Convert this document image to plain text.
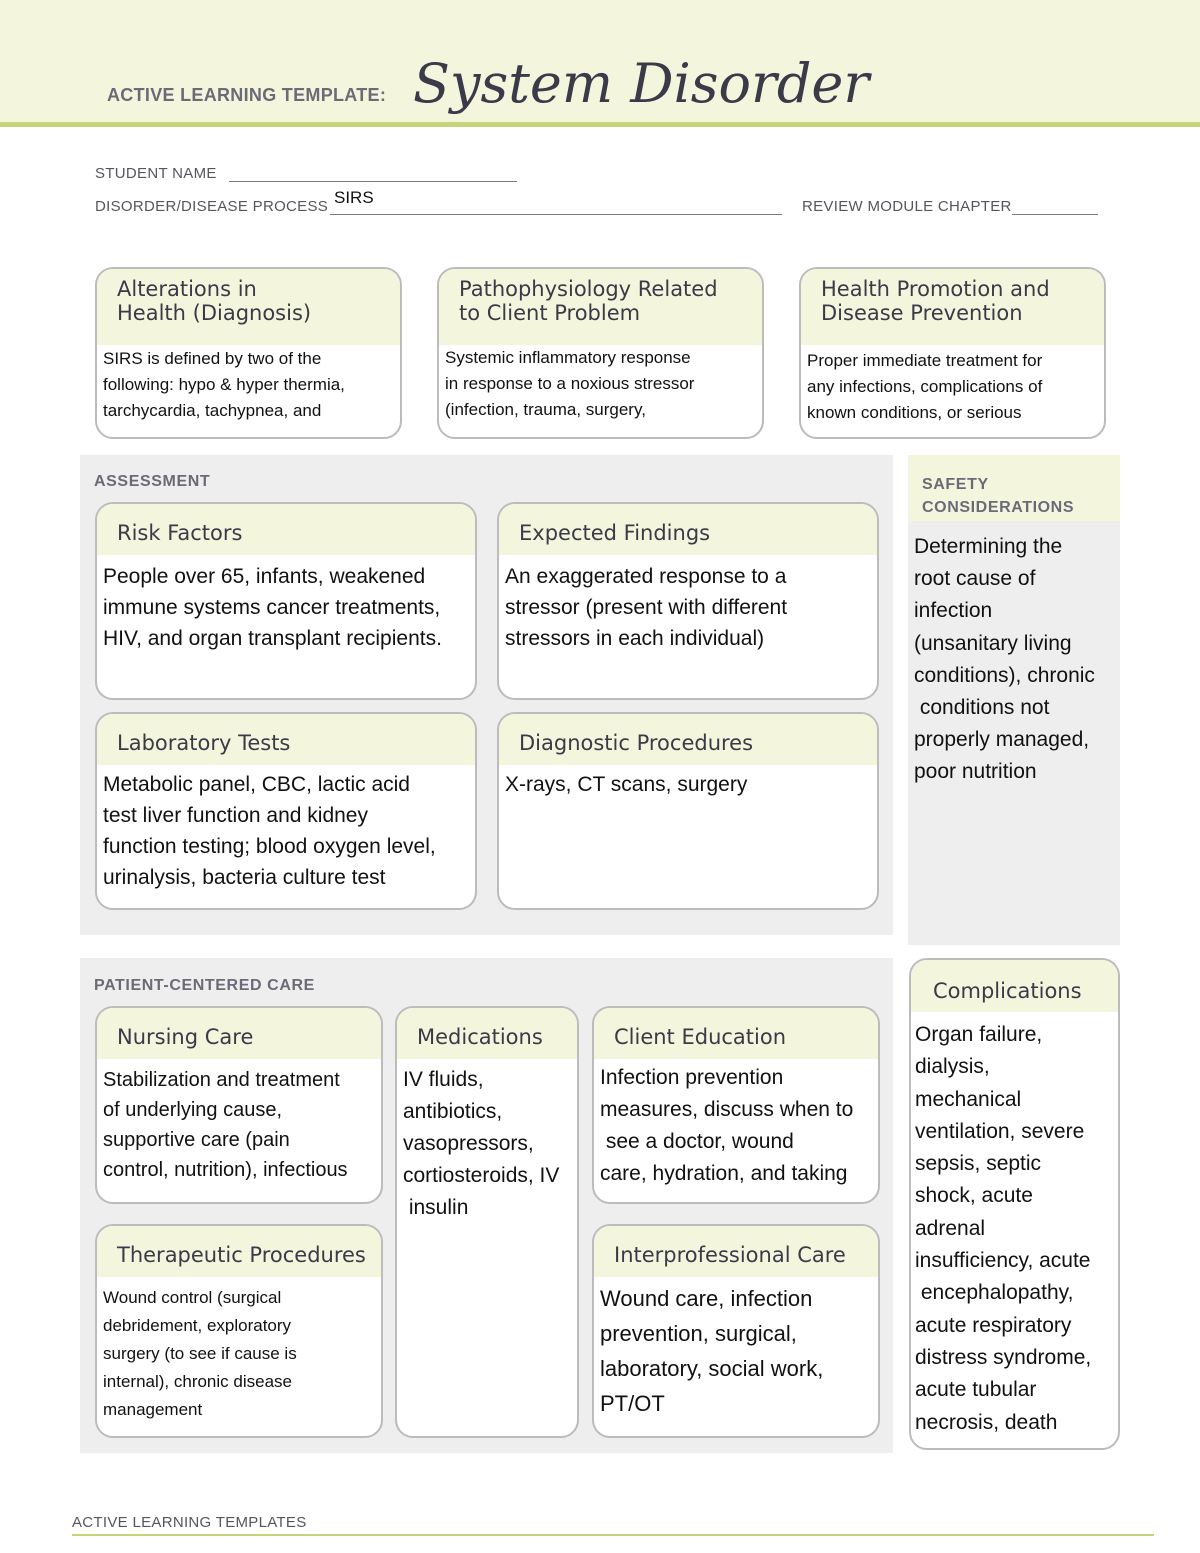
ACTIVE LEARNING TEMPLATE: System Disorder
STUDENT NAME
DISORDER/DISEASE PROCESS SIRS	REVIEW MODULE CHAPTER
Alterations in
Health (Diagnosis)
SIRS is defined by two of the
following: hypo & hyper thermia,
tarchycardia, tachypnea, and
Pathophysiology Related
to Client Problem
Systemic inflammatory response
in response to a noxious stressor
(infection, trauma, surgery,
Health Promotion and
Disease Prevention
Proper immediate treatment for
any infections, complications of
known conditions, or serious
ASSESSMENT
Risk Factors
People over 65, infants, weakened
immune systems cancer treatments,
HIV, and organ transplant recipients.
Expected Findings
An exaggerated response to a
stressor (present with different
stressors in each individual)
Laboratory Tests
Metabolic panel, CBC, lactic acid
test liver function and kidney
function testing; blood oxygen level,
urinalysis, bacteria culture test
Diagnostic Procedures
X-rays, CT scans, surgery
SAFETY
CONSIDERATIONS
Determining the
root cause of
infection
(unsanitary living
conditions), chronic
conditions not
properly managed,
poor nutrition
PATIENT-CENTERED CARE
Nursing Care
Stabilization and treatment
of underlying cause,
supportive care (pain
control, nutrition), infectious
Medications
IV fluids,
antibiotics,
vasopressors,
cortiosteroids, IV
insulin
Client Education
Infection prevention
measures, discuss when to
see a doctor, wound
care, hydration, and taking
Therapeutic Procedures
Wound control (surgical
debridement, exploratory
surgery (to see if cause is
internal), chronic disease
management
Interprofessional Care
Wound care, infection
prevention, surgical,
laboratory, social work,
PT/OT
Complications
Organ failure,
dialysis,
mechanical
ventilation, severe
sepsis, septic
shock, acute
adrenal
insufficiency, acute
encephalopathy,
acute respiratory
distress syndrome,
acute tubular
necrosis, death
ACTIVE LEARNING TEMPLATES
